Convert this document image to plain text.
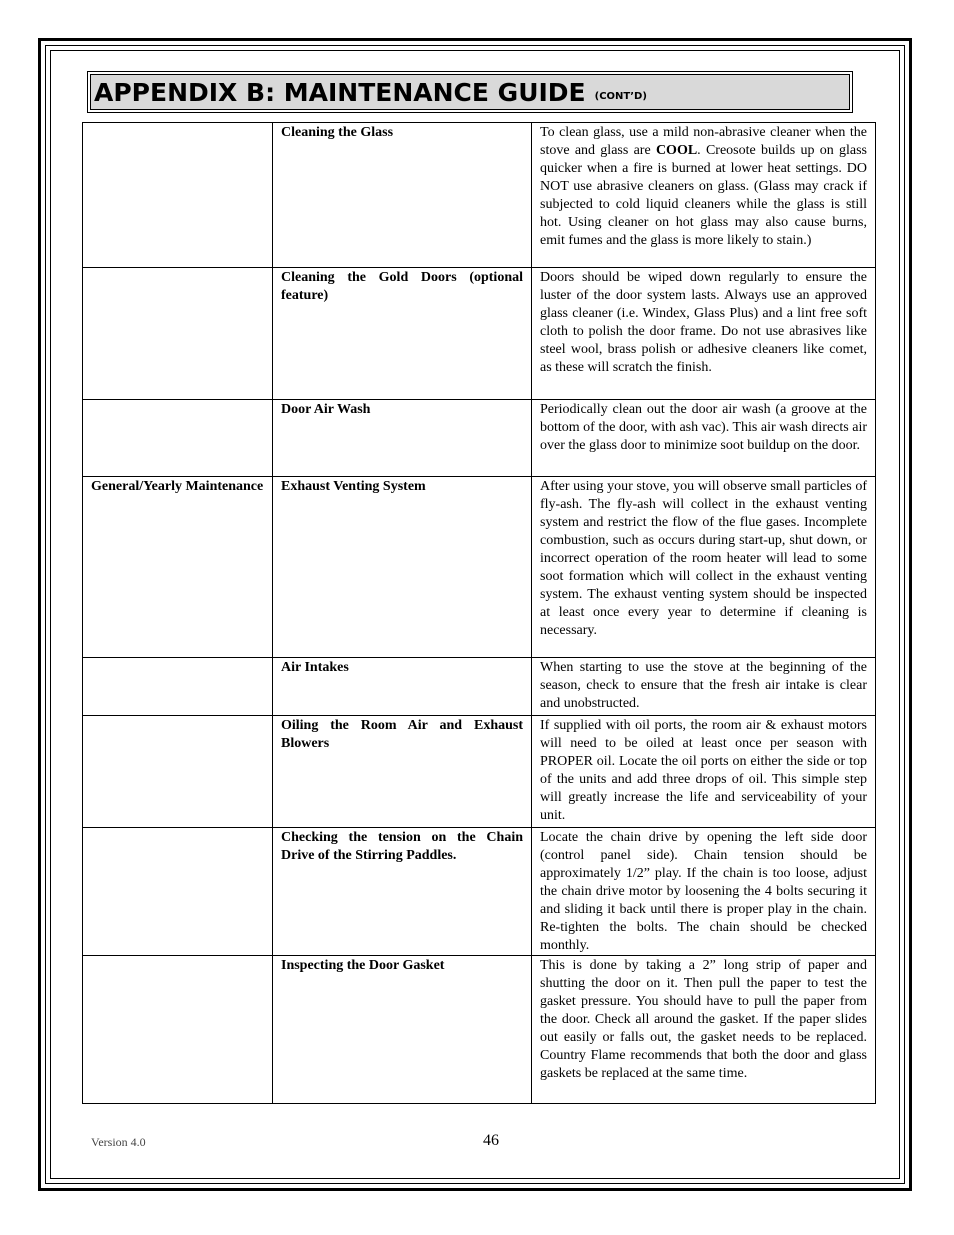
APPENDIX B: MAINTENANCE GUIDE (CONT’D)
	Cleaning the Glass	To clean glass, use a mild non-abrasive cleaner when the stove and glass are COOL. Creosote builds up on glass quicker when a fire is burned at lower heat settings. DO NOT use abrasive cleaners on glass. (Glass may crack if subjected to cold liquid cleaners while the glass is still hot. Using cleaner on hot glass may also cause burns, emit fumes and the glass is more likely to stain.)
	Cleaning the Gold Doors (optional feature)	Doors should be wiped down regularly to ensure the luster of the door system lasts. Always use an approved glass cleaner (i.e. Windex, Glass Plus) and a lint free soft cloth to polish the door frame. Do not use abrasives like steel wool, brass polish or adhesive cleaners like comet, as these will scratch the finish.
	Door Air Wash	Periodically clean out the door air wash (a groove at the bottom of the door, with ash vac). This air wash directs air over the glass door to minimize soot buildup on the door.
General/Yearly Maintenance	Exhaust Venting System	After using your stove, you will observe small particles of fly-ash. The fly-ash will collect in the exhaust venting system and restrict the flow of the flue gases. Incomplete combustion, such as occurs during start-up, shut down, or incorrect operation of the room heater will lead to some soot formation which will collect in the exhaust venting system. The exhaust venting system should be inspected at least once every year to determine if cleaning is necessary.
	Air Intakes	When starting to use the stove at the beginning of the season, check to ensure that the fresh air intake is clear and unobstructed.
	Oiling the Room Air and Exhaust Blowers	If supplied with oil ports, the room air & exhaust motors will need to be oiled at least once per season with PROPER oil. Locate the oil ports on either the side or top of the units and add three drops of oil. This simple step will greatly increase the life and serviceability of your unit.
	Checking the tension on the Chain Drive of the Stirring Paddles.	Locate the chain drive by opening the left side door (control panel side). Chain tension should be approximately 1/2” play. If the chain is too loose, adjust the chain drive motor by loosening the 4 bolts securing it and sliding it back until there is proper play in the chain. Re-tighten the bolts. The chain should be checked monthly.
	Inspecting the Door Gasket	This is done by taking a 2” long strip of paper and shutting the door on it. Then pull the paper to test the gasket pressure. You should have to pull the paper from the door. Check all around the gasket. If the paper slides out easily or falls out, the gasket needs to be replaced. Country Flame recommends that both the door and glass gaskets be replaced at the same time.
Version 4.0	46
